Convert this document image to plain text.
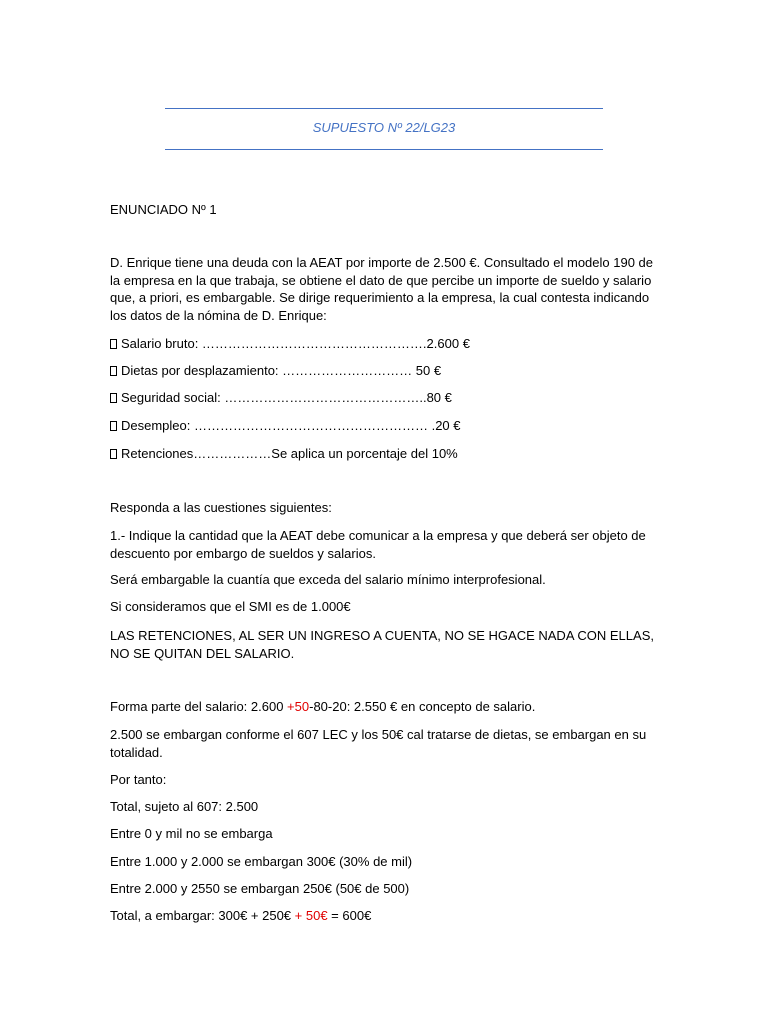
SUPUESTO Nº 22/LG23
ENUNCIADO Nº 1
D. Enrique tiene una deuda con la AEAT por importe de 2.500 €. Consultado el modelo 190 de la empresa en la que trabaja, se obtiene el dato de que percibe un importe de sueldo y salario que, a priori, es embargable. Se dirige requerimiento a la empresa, la cual contesta indicando los datos de la nómina de D. Enrique:
Salario bruto: …………………………………………….2.600 €
Dietas por desplazamiento: ………………………… 50 €
Seguridad social: ………………………………………..80 €
Desempleo: ……………………………………………… .20 €
Retenciones………………Se aplica un porcentaje del 10%
Responda a las cuestiones siguientes:
1.- Indique la cantidad que la AEAT debe comunicar a la empresa y que deberá ser objeto de descuento por embargo de sueldos y salarios.
Será embargable la cuantía que exceda del salario mínimo interprofesional.
Si consideramos que el SMI es de 1.000€
LAS RETENCIONES, AL SER UN INGRESO A CUENTA, NO SE HGACE NADA CON ELLAS, NO SE QUITAN DEL SALARIO.
Forma parte del salario: 2.600 +50-80-20: 2.550 € en concepto de salario.
2.500 se embargan conforme el 607 LEC y los 50€ cal tratarse de dietas, se embargan en su totalidad.
Por tanto:
Total, sujeto al 607: 2.500
Entre 0 y mil no se embarga
Entre 1.000 y 2.000 se embargan 300€ (30% de mil)
Entre 2.000 y 2550 se embargan 250€ (50€ de 500)
Total, a embargar: 300€ + 250€ + 50€ = 600€
